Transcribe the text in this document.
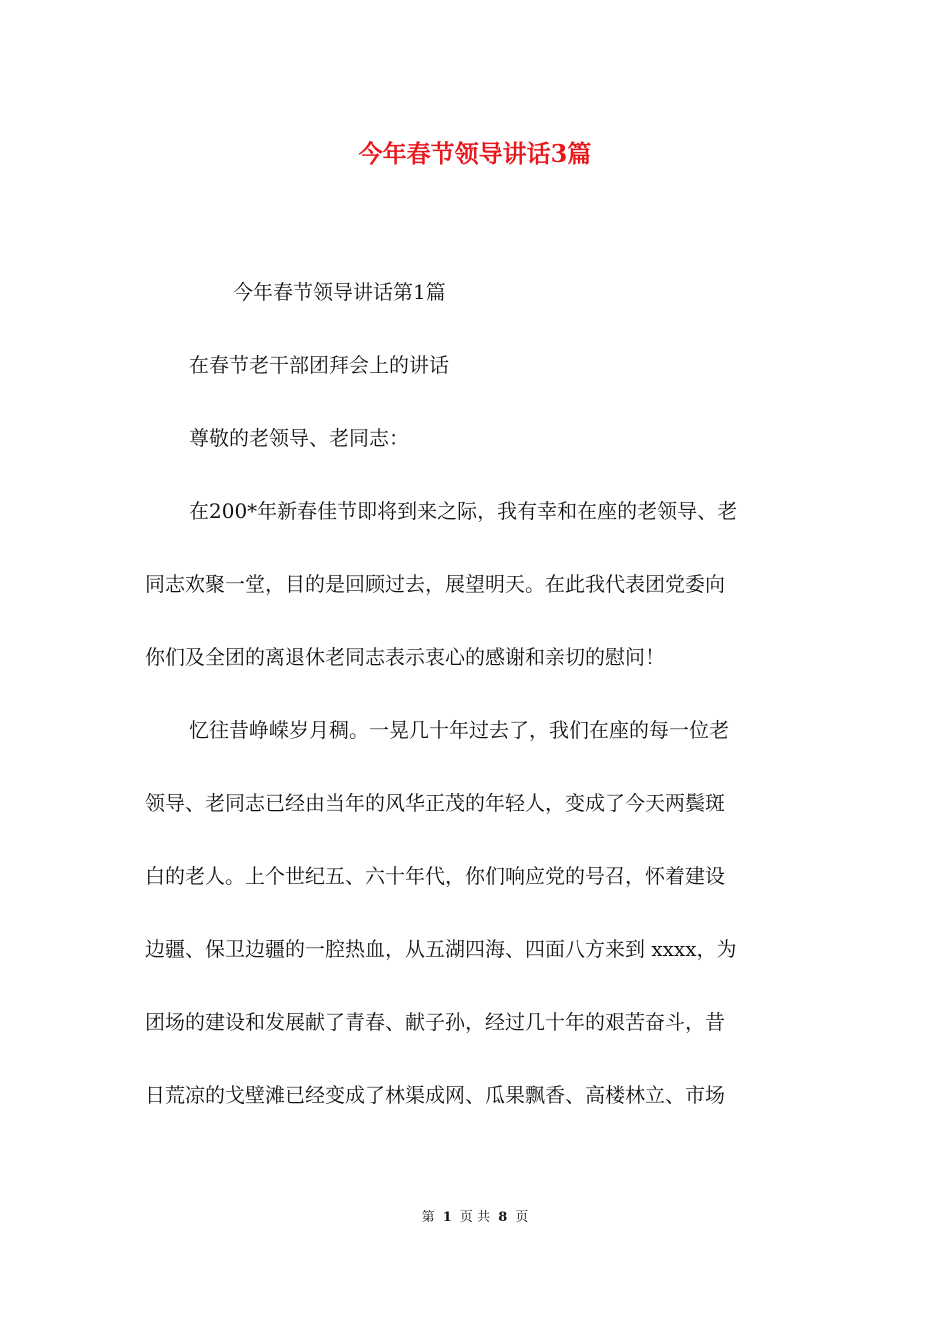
今年春节领导讲话3篇

今年春节领导讲话第1篇

在春节老干部团拜会上的讲话

尊敬的老领导、老同志：

在200*年新春佳节即将到来之际，我有幸和在座的老领导、老

同志欢聚一堂，目的是回顾过去，展望明天。在此我代表团党委向

你们及全团的离退休老同志表示衷心的感谢和亲切的慰问！

忆往昔峥嵘岁月稠。一晃几十年过去了，我们在座的每一位老

领导、老同志已经由当年的风华正茂的年轻人，变成了今天两鬓斑

白的老人。上个世纪五、六十年代，你们响应党的号召，怀着建设

边疆、保卫边疆的一腔热血，从五湖四海、四面八方来到 xxxx，为

团场的建设和发展献了青春、献子孙，经过几十年的艰苦奋斗，昔

日荒凉的戈壁滩已经变成了林渠成网、瓜果飘香、高楼林立、市场

第 1 页 共 8 页
